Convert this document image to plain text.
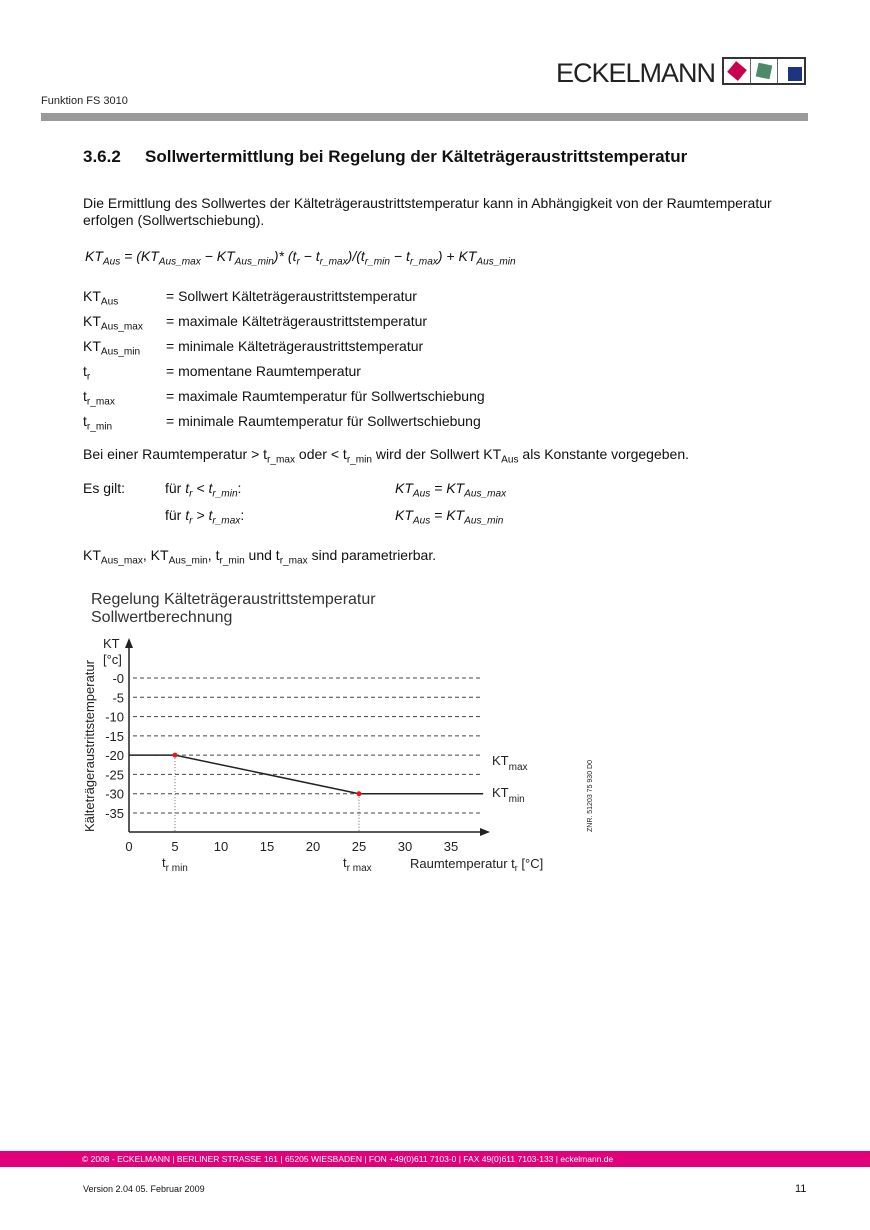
ECKELMANN
Funktion FS 3010
3.6.2 Sollwertermittlung bei Regelung der Kälteträgeraustrittstemperatur
Die Ermittlung des Sollwertes der Kälteträgeraustrittstemperatur kann in Abhängigkeit von der Raumtemperatur
erfolgen (Sollwertschiebung).
$KT_{Aus} = (KT_{Aus\_max} - KT_{Aus\_min})*$ $(t_r - t_{r\_max})/(t_{r\_min} - t_{r\_max}) + KT_{Aus\_min}$
$KT_{Aus}$	= Sollwert Kälteträgeraustrittstemperatur
$KT_{Aus\_max}$ = maximale Kälteträgeraustrittstemperatur
$KT_{Aus\_min}$ = minimale Kälteträgeraustrittstemperatur
$t_r$	= momentane Raumtemperatur
$t_{r\_max}$	= maximale Raumtemperatur für Sollwertschiebung
$t_{r\_min}$	= minimale Raumtemperatur für Sollwertschiebung
Bei einer Raumtemperatur > $t_{r\_max}$ oder < $t_{r\_min}$ wird der Sollwert $KT_{Aus}$ als Konstante vorgegeben.
Es gilt:	für $t_r < t_{r\_min}$:	$KT_{Aus} = KT_{Aus\_max}$
für $t_r > t_{r\_max}$:	$KT_{Aus} = KT_{Aus\_min}$
$KT_{Aus\_max}$, $KT_{Aus\_min}$, $t_{r\_min}$ und $t_{r\_max}$ sind parametrierbar.
Regelung Kälteträgeraustrittstemperatur
Sollwertberechnung
-0
-5
-10
-15
-20
-25
-30
-35
0	5	10 15 20 25 30 35
KT
[°c]
Kälteträgeraustrittstemperatur	$KT_{max}$
$KT_{min}$
$t_{r min}$	$t_{r max}$	Raumtemperatur $t_r$ [°C]
ZNR. 51203 75 930 D0
© 2008 - ECKELMANN | BERLINER STRASSE 161 | 65205 WIESBADEN | FON +49(0)611 7103-0 | FAX 49(0)611 7103-133 | eckelmann.de
Version 2.04 05. Februar 2009	11
